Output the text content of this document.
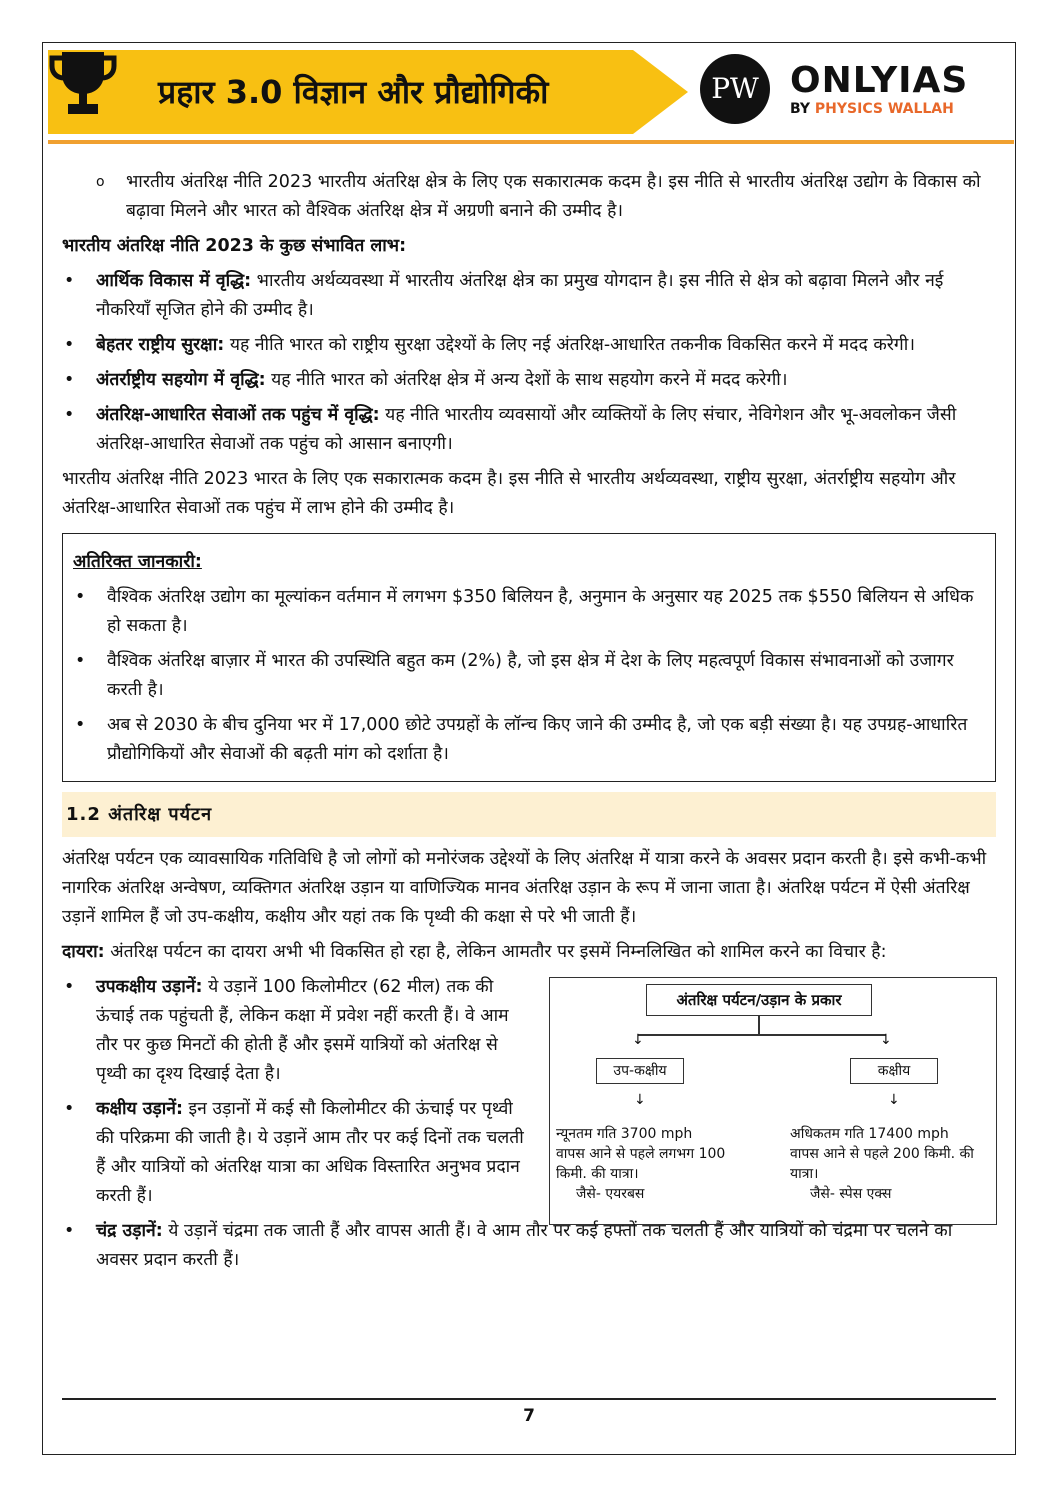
प्रहार 3.0 विज्ञान और प्रौद्योगिकी	PW ONLYIAS
BY PHYSICS WALLAH
o भारतीय अंतरिक्ष नीति 2023 भारतीय अंतरिक्ष क्षेत्र के लिए एक सकारात्मक कदम है। इस नीति से भारतीय अंतरिक्ष उद्योग के विकास को बढ़ावा मिलने और भारत को वैश्विक अंतरिक्ष क्षेत्र में अग्रणी बनाने की उम्मीद है।

भारतीय अंतरिक्ष नीति 2023 के कुछ संभावित लाभ:

• आर्थिक विकास में वृद्धि: भारतीय अर्थव्यवस्था में भारतीय अंतरिक्ष क्षेत्र का प्रमुख योगदान है। इस नीति से क्षेत्र को बढ़ावा मिलने और नई नौकरियाँ सृजित होने की उम्मीद है।
• बेहतर राष्ट्रीय सुरक्षा: यह नीति भारत को राष्ट्रीय सुरक्षा उद्देश्यों के लिए नई अंतरिक्ष-आधारित तकनीक विकसित करने में मदद करेगी।
• अंतर्राष्ट्रीय सहयोग में वृद्धि: यह नीति भारत को अंतरिक्ष क्षेत्र में अन्य देशों के साथ सहयोग करने में मदद करेगी।
• अंतरिक्ष-आधारित सेवाओं तक पहुंच में वृद्धि: यह नीति भारतीय व्यवसायों और व्यक्तियों के लिए संचार, नेविगेशन और भू-अवलोकन जैसी अंतरिक्ष-आधारित सेवाओं तक पहुंच को आसान बनाएगी।

भारतीय अंतरिक्ष नीति 2023 भारत के लिए एक सकारात्मक कदम है। इस नीति से भारतीय अर्थव्यवस्था, राष्ट्रीय सुरक्षा, अंतर्राष्ट्रीय सहयोग और अंतरिक्ष-आधारित सेवाओं तक पहुंच में लाभ होने की उम्मीद है।

अतिरिक्त जानकारी:

• वैश्विक अंतरिक्ष उद्योग का मूल्यांकन वर्तमान में लगभग $350 बिलियन है, अनुमान के अनुसार यह 2025 तक $550 बिलियन से अधिक हो सकता है।
• वैश्विक अंतरिक्ष बाज़ार में भारत की उपस्थिति बहुत कम (2%) है, जो इस क्षेत्र में देश के लिए महत्वपूर्ण विकास संभावनाओं को उजागर करती है।
• अब से 2030 के बीच दुनिया भर में 17,000 छोटे उपग्रहों के लॉन्च किए जाने की उम्मीद है, जो एक बड़ी संख्या है। यह उपग्रह-आधारित प्रौद्योगिकियों और सेवाओं की बढ़ती मांग को दर्शाता है।
1.2 अंतरिक्ष पर्यटन

अंतरिक्ष पर्यटन एक व्यावसायिक गतिविधि है जो लोगों को मनोरंजक उद्देश्यों के लिए अंतरिक्ष में यात्रा करने के अवसर प्रदान करती है। इसे कभी-कभी नागरिक अंतरिक्ष अन्वेषण, व्यक्तिगत अंतरिक्ष उड़ान या वाणिज्यिक मानव अंतरिक्ष उड़ान के रूप में जाना जाता है। अंतरिक्ष पर्यटन में ऐसी अंतरिक्ष उड़ानें शामिल हैं जो उप-कक्षीय, कक्षीय और यहां तक कि पृथ्वी की कक्षा से परे भी जाती हैं।

दायरा: अंतरिक्ष पर्यटन का दायरा अभी भी विकसित हो रहा है, लेकिन आमतौर पर इसमें निम्नलिखित को शामिल करने का विचार है:

• उपकक्षीय उड़ानें: ये उड़ानें 100 किलोमीटर (62 मील) तक की ऊंचाई तक पहुंचती हैं, लेकिन कक्षा में प्रवेश नहीं करती हैं। वे आम तौर पर कुछ मिनटों की होती हैं और इसमें यात्रियों को अंतरिक्ष से पृथ्वी का दृश्य दिखाई देता है।
• कक्षीय उड़ानें: इन उड़ानों में कई सौ किलोमीटर की ऊंचाई पर पृथ्वी की परिक्रमा की जाती है। ये उड़ानें आम तौर पर कई दिनों तक चलती हैं और यात्रियों को अंतरिक्ष यात्रा का अधिक विस्तारित अनुभव प्रदान करती हैं।
अंतरिक्ष पर्यटन/उड़ान के प्रकार
↓	↓
उप-कक्षीय	कक्षीय
↓	↓
न्यूनतम गति 3700 mph
वापस आने से पहले लगभग 100 किमी. की यात्रा।
जैसे- एयरबस
अधिकतम गति 17400 mph
वापस आने से पहले 200 किमी. की यात्रा।
जैसे- स्पेस एक्स
• चंद्र उड़ानें: ये उड़ानें चंद्रमा तक जाती हैं और वापस आती हैं। वे आम तौर पर कई हफ्तों तक चलती हैं और यात्रियों को चंद्रमा पर चलने का अवसर प्रदान करती हैं।
7
